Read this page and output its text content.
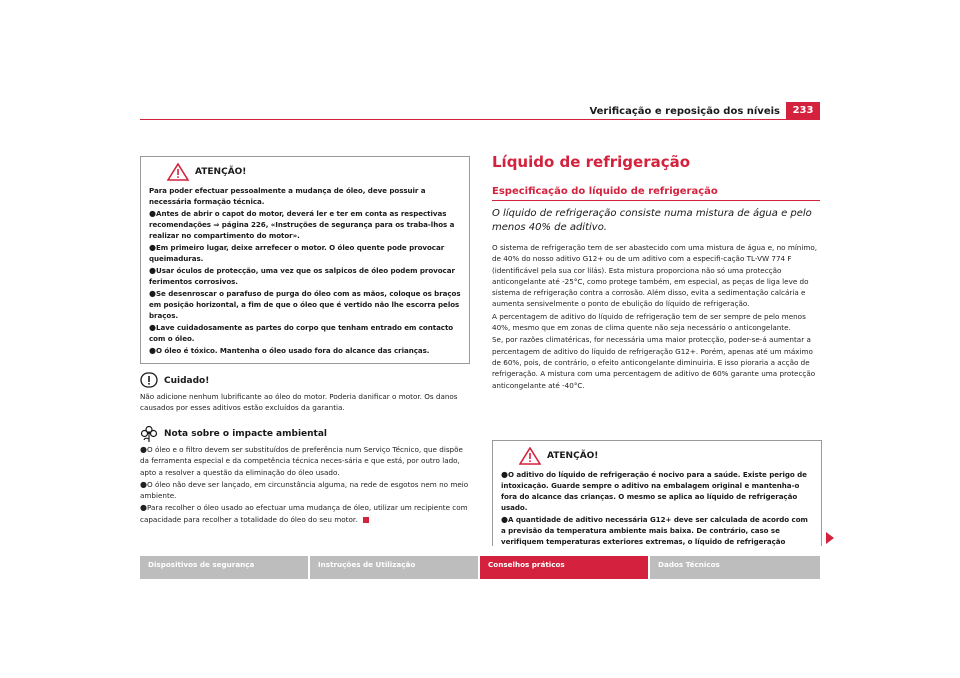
Verificação e reposição dos níveis	233
ATENÇÃO!

Para poder efectuar pessoalmente a mudança de óleo, deve possuir a necessária formação técnica.

●Antes de abrir o capot do motor, deverá ler e ter em conta as respectivas recomendações ⇒ página 226, «Instruções de segurança para os traba-lhos a realizar no compartimento do motor».

●Em primeiro lugar, deixe arrefecer o motor. O óleo quente pode provocar queimaduras.

●Usar óculos de protecção, uma vez que os salpicos de óleo podem provocar ferimentos corrosivos.

●Se desenroscar o parafuso de purga do óleo com as mãos, coloque os braços em posição horizontal, a fim de que o óleo que é vertido não lhe escorra pelos braços.

●Lave cuidadosamente as partes do corpo que tenham entrado em contacto com o óleo.

●O óleo é tóxico. Mantenha o óleo usado fora do alcance das crianças.

Cuidado!
Não adicione nenhum lubrificante ao óleo do motor. Poderia danificar o motor. Os danos causados por esses aditivos estão excluídos da garantia.
Nota sobre o impacte ambiental

●O óleo e o filtro devem ser substituídos de preferência num Serviço Técnico, que dispõe da ferramenta especial e da competência técnica neces-sária e que está, por outro lado, apto a resolver a questão da eliminação do óleo usado.

●O óleo não deve ser lançado, em circunstância alguma, na rede de esgotos nem no meio ambiente.

●Para recolher o óleo usado ao efectuar uma mudança de óleo, utilizar um recipiente com capacidade para recolher a totalidade do óleo do seu motor.

Líquido de refrigeração
Especificação do líquido de refrigeração
O líquido de refrigeração consiste numa mistura de água e pelo menos 40% de aditivo.

O sistema de refrigeração tem de ser abastecido com uma mistura de água e, no mínimo, de 40% do nosso aditivo G12+ ou de um aditivo com a especifi-cação TL-VW 774 F (identificável pela sua cor lilás). Esta mistura proporciona não só uma protecção anticongelante até -25°C, como protege também, em especial, as peças de liga leve do sistema de refrigeração contra a corrosão. Além disso, evita a sedimentação calcária e aumenta sensivelmente o ponto de ebulição do líquido de refrigeração.

A percentagem de aditivo do líquido de refrigeração tem de ser sempre de pelo menos 40%, mesmo que em zonas de clima quente não seja necessário o anticongelante.

Se, por razões climatéricas, for necessária uma maior protecção, poder-se-á aumentar a percentagem de aditivo do líquido de refrigeração G12+. Porém, apenas até um máximo de 60%, pois, de contrário, o efeito anticongelante diminuiria. E isso pioraria a acção de refrigeração. A mistura com uma percentagem de aditivo de 60% garante uma protecção anticongelante até -40°C.

ATENÇÃO!

●O aditivo do líquido de refrigeração é nocivo para a saúde. Existe perigo de intoxicação. Guarde sempre o aditivo na embalagem original e mantenha-o fora do alcance das crianças. O mesmo se aplica ao líquido de refrigeração usado.

●A quantidade de aditivo necessária G12+ deve ser calculada de acordo com a previsão da temperatura ambiente mais baixa. De contrário, caso se verifiquem temperaturas exteriores extremas, o líquido de refrigeração

Dispositivos de segurança	Instruções de Utilização	Conselhos práticos	Dados Técnicos
